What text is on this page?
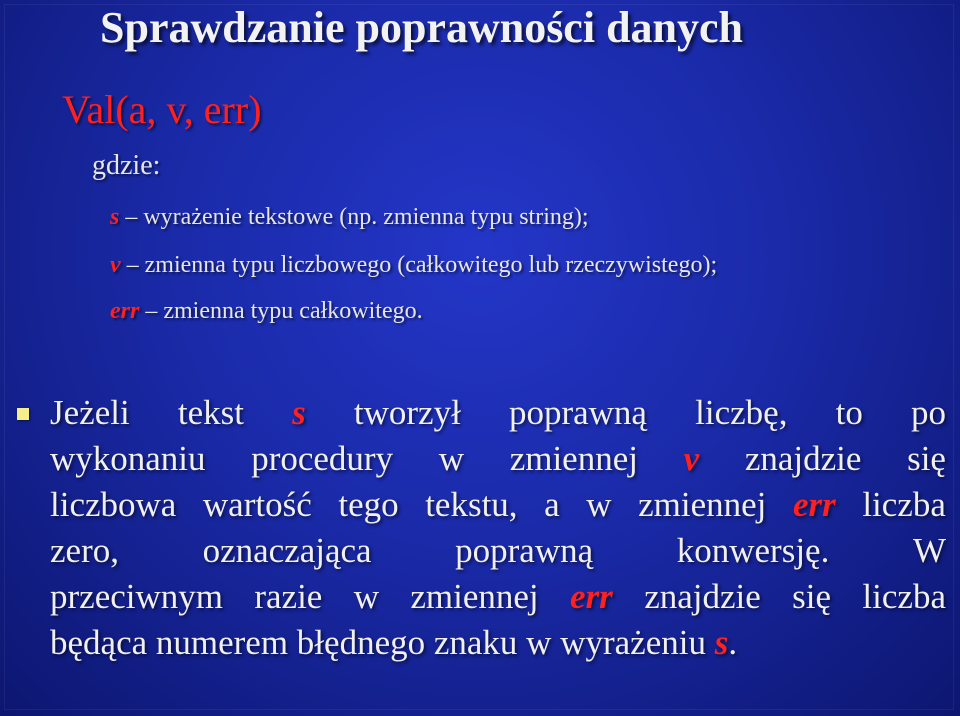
Sprawdzanie poprawności danych
Val(a, v, err)
gdzie:
s – wyrażenie tekstowe (np. zmienna typu string);
v – zmienna typu liczbowego (całkowitego lub rzeczywistego);
err – zmienna typu całkowitego.
Jeżeli tekst s tworzył poprawną liczbę, to po
wykonaniu procedury w zmiennej v znajdzie się
liczbowa wartość tego tekstu, a w zmiennej err liczba
zero, oznaczająca poprawną konwersję. W
przeciwnym razie w zmiennej err znajdzie się liczba
będąca numerem błędnego znaku w wyrażeniu s .
